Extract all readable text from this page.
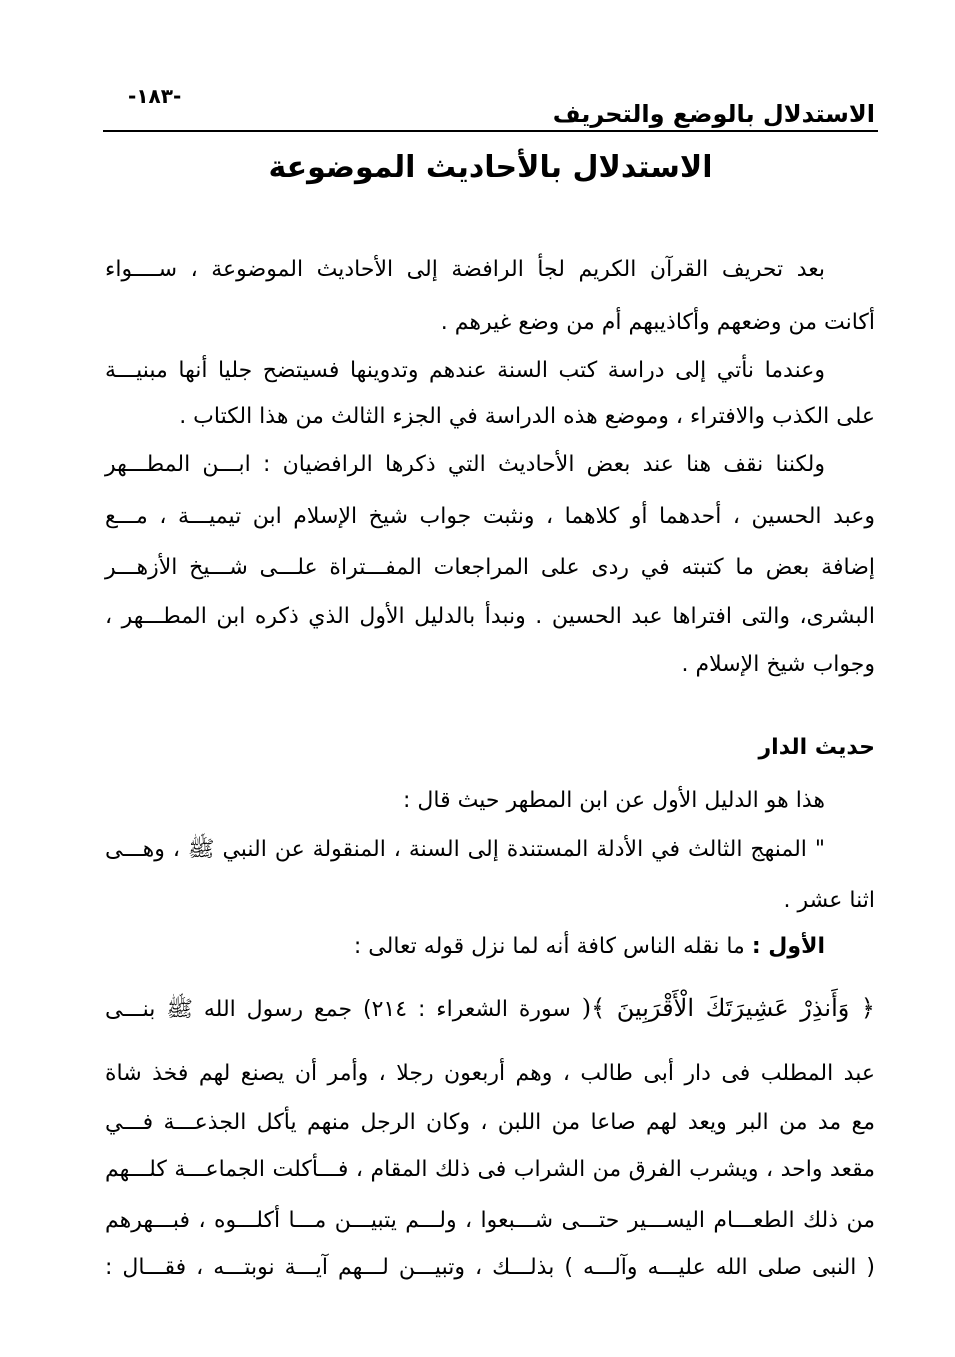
-١٨٣-
الاستدلال بالوضع والتحريف
الاستدلال بالأحاديث الموضوعة
بعد تحريف القرآن الكريم لجأ الرافضة إلى الأحاديث الموضوعة ، ســــواء
أكانت من وضعهم وأكاذيبهم أم من وضع غيرهم .
وعندما نأتي إلى دراسة كتب السنة عندهم وتدوينها فسيتضح جليا أنها مبنيـــة
على الكذب والافتراء ، وموضع هذه الدراسة في الجزء الثالث من هذا الكتاب .
ولكننا نقف هنا عند بعض الأحاديث التي ذكرها الرافضيان : ابـــن المطـــهر
وعبد الحسين ، أحدهما أو كلاهما ، ونثبت جواب شيخ الإسلام ابن تيميـــة ، مـــع
إضافة بعض ما كتبته في ردى على المراجعات المفـــتراة علـــى شـــيخ الأزهـــر
البشرى، والتى افتراها عبد الحسين . ونبدأ بالدليل الأول الذي ذكره ابن المطـــهر ،
وجواب شيخ الإسلام .
حديث الدار
هذا هو الدليل الأول عن ابن المطهر حيث قال :
" المنهج الثالث في الأدلة المستندة إلى السنة ، المنقولة عن النبي ﷺ ، وهـــى
اثنا عشر .
الأول : ما نقله الناس كافة أنه لما نزل قوله تعالى :
﴿ وَأَنذِرْ عَشِيرَتَكَ الْأَقْرَبِينَ ﴾( سورة الشعراء : ٢١٤) جمع رسول الله ﷺ بنـــى
عبد المطلب فى دار أبى طالب ، وهم أربعون رجلا ، وأمر أن يصنع لهم فخذ شاة
مع مد من البر ويعد لهم صاعا من اللبن ، وكان الرجل منهم يأكل الجذعـــة فـــي
مقعد واحد ، ويشرب الفرق من الشراب فى ذلك المقام ، فـــأكلت الجماعـــة كلـــهم
من ذلك الطعـــام اليســـير حتـــى شـــبعوا ، ولـــم يتبيـــن مـــا أكلـــوه ، فبـــهرهم
( النبى صلى الله عليـــه وآلـــه ) بذلـــك ، وتبيـــن لـــهم آيـــة نوبتـــه ، فقـــال :
